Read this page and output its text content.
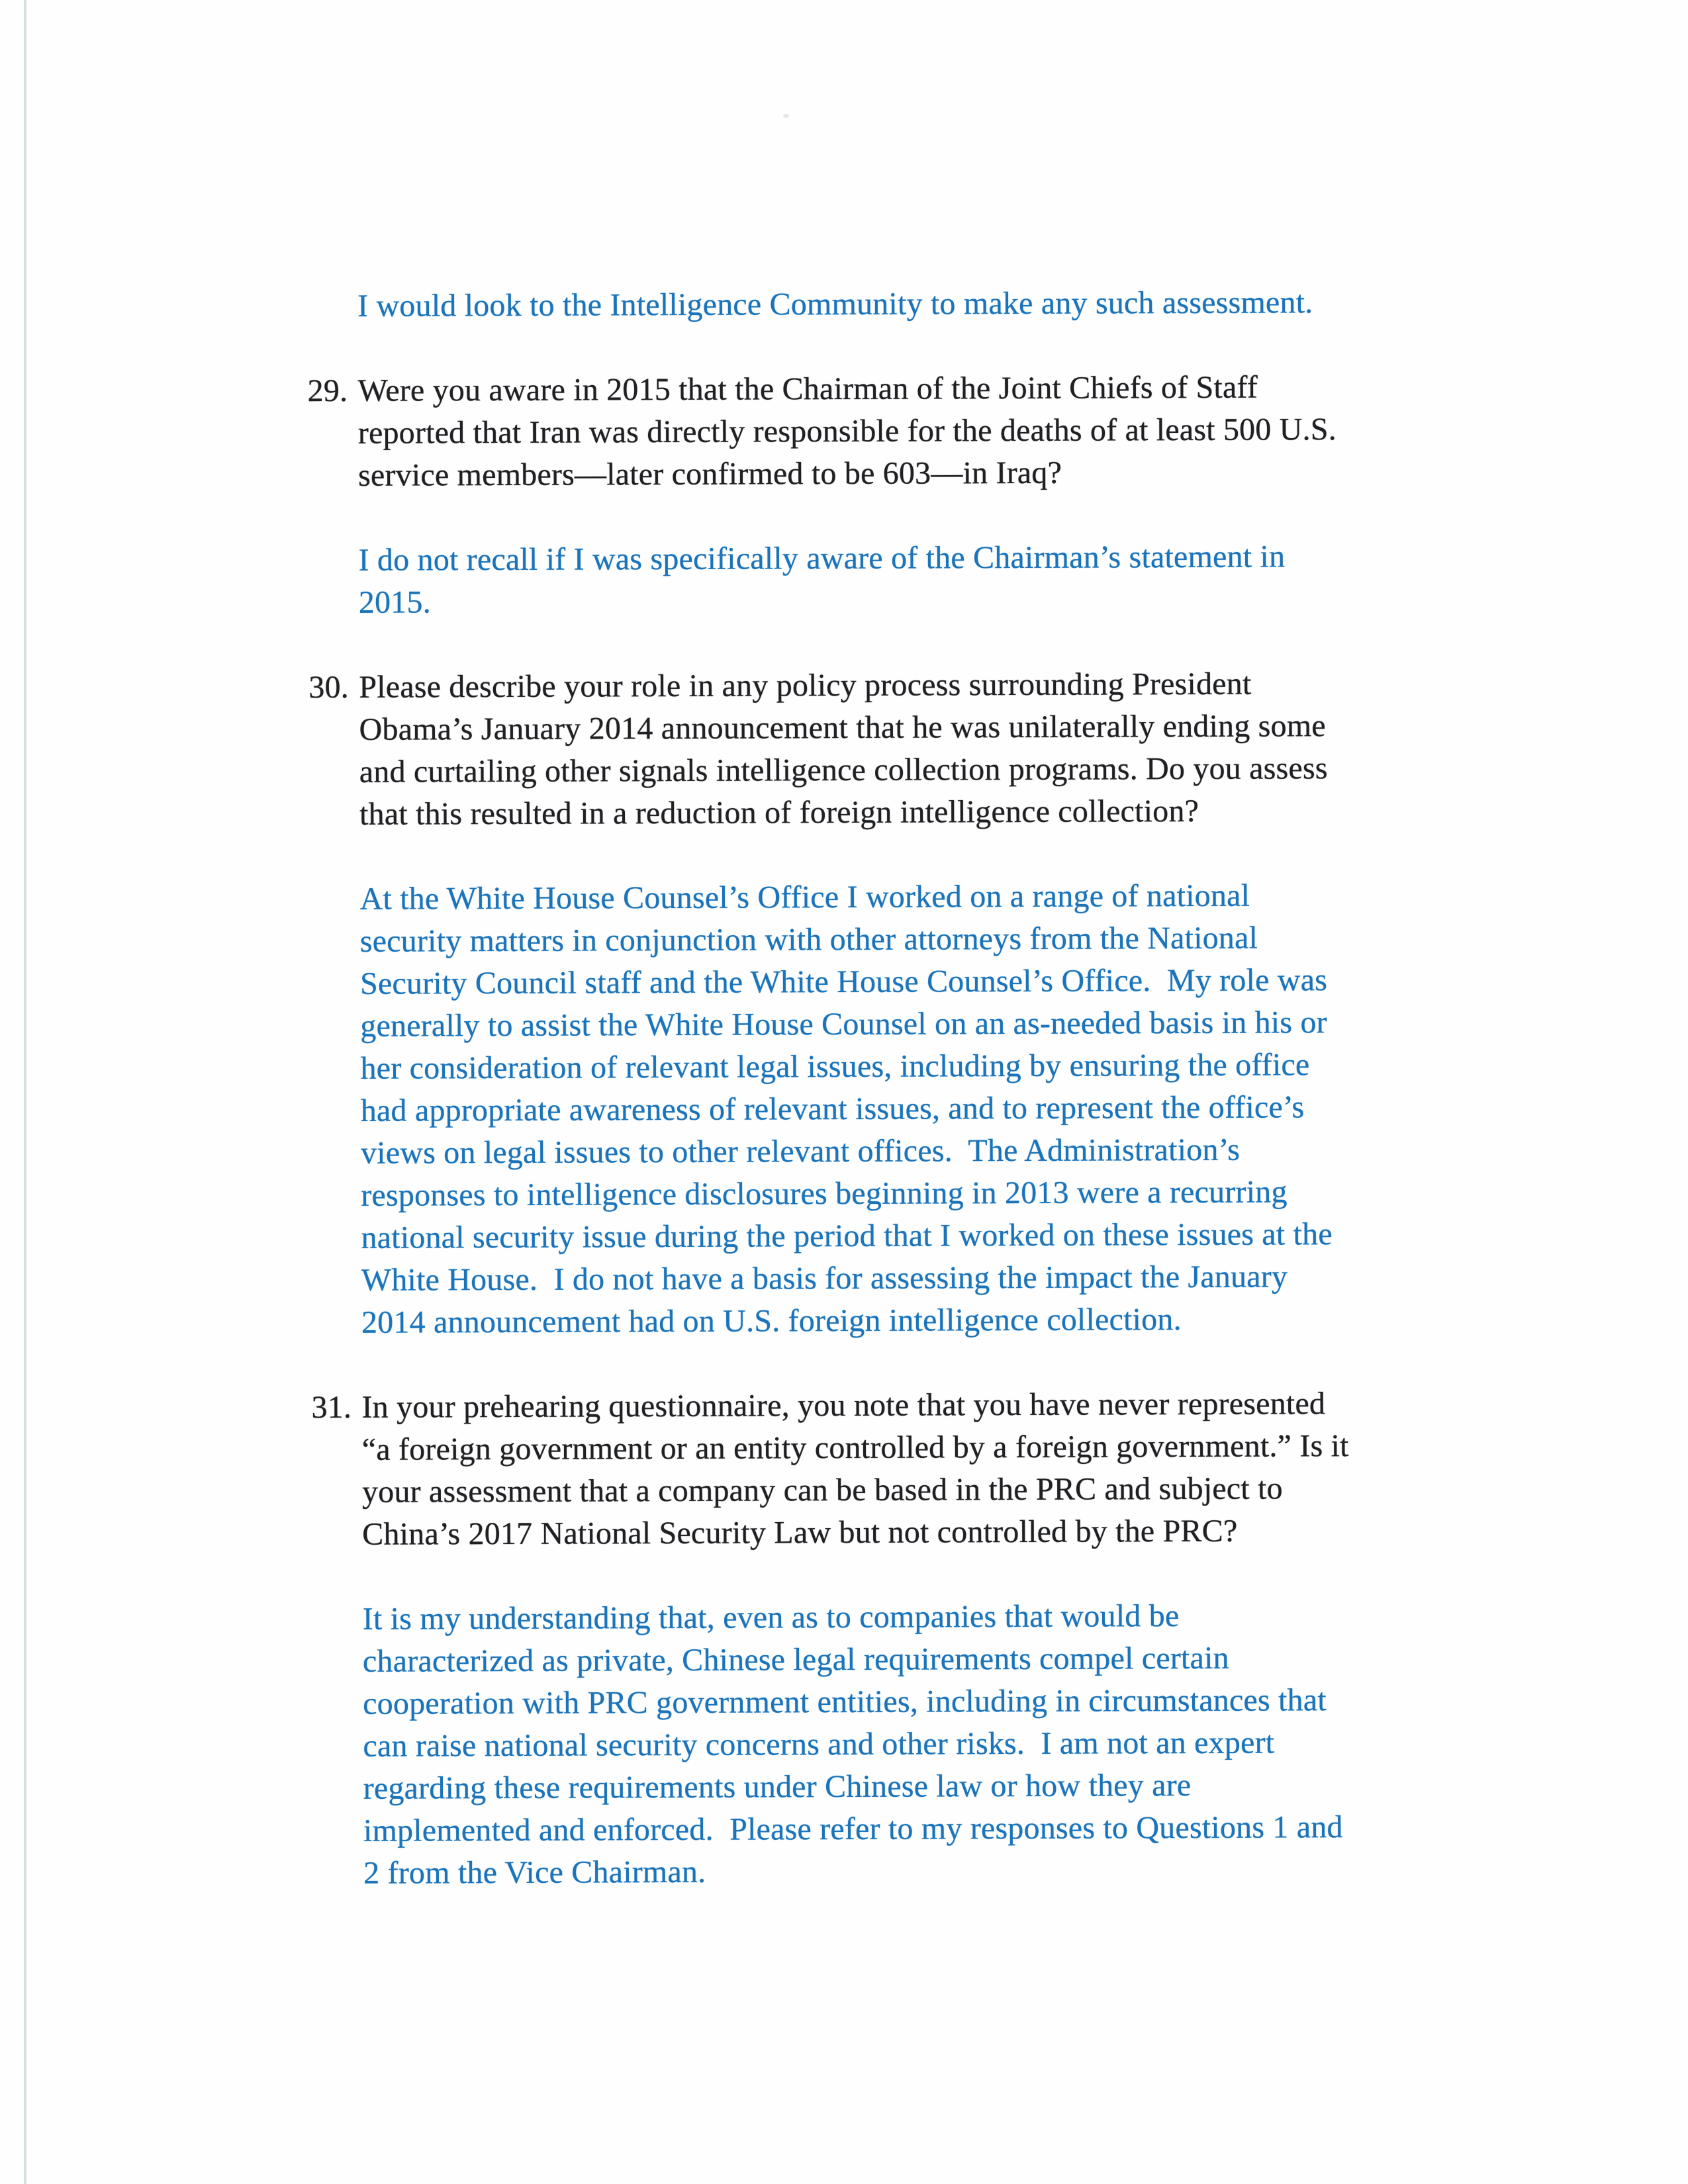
I would look to the Intelligence Community to make any such assessment.
29. Were you aware in 2015 that the Chairman of the Joint Chiefs of Staff
reported that Iran was directly responsible for the deaths of at least 500 U.S.
service members—later confirmed to be 603—in Iraq?
I do not recall if I was specifically aware of the Chairman’s statement in
2015.
30. Please describe your role in any policy process surrounding President
Obama’s January 2014 announcement that he was unilaterally ending some
and curtailing other signals intelligence collection programs. Do you assess
that this resulted in a reduction of foreign intelligence collection?
At the White House Counsel’s Office I worked on a range of national
security matters in conjunction with other attorneys from the National
Security Council staff and the White House Counsel’s Office.  My role was
generally to assist the White House Counsel on an as-needed basis in his or
her consideration of relevant legal issues, including by ensuring the office
had appropriate awareness of relevant issues, and to represent the office’s
views on legal issues to other relevant offices.  The Administration’s
responses to intelligence disclosures beginning in 2013 were a recurring
national security issue during the period that I worked on these issues at the
White House.  I do not have a basis for assessing the impact the January
2014 announcement had on U.S. foreign intelligence collection.
31. In your prehearing questionnaire, you note that you have never represented
“a foreign government or an entity controlled by a foreign government.” Is it
your assessment that a company can be based in the PRC and subject to
China’s 2017 National Security Law but not controlled by the PRC?
It is my understanding that, even as to companies that would be
characterized as private, Chinese legal requirements compel certain
cooperation with PRC government entities, including in circumstances that
can raise national security concerns and other risks.  I am not an expert
regarding these requirements under Chinese law or how they are
implemented and enforced.  Please refer to my responses to Questions 1 and
2 from the Vice Chairman.
